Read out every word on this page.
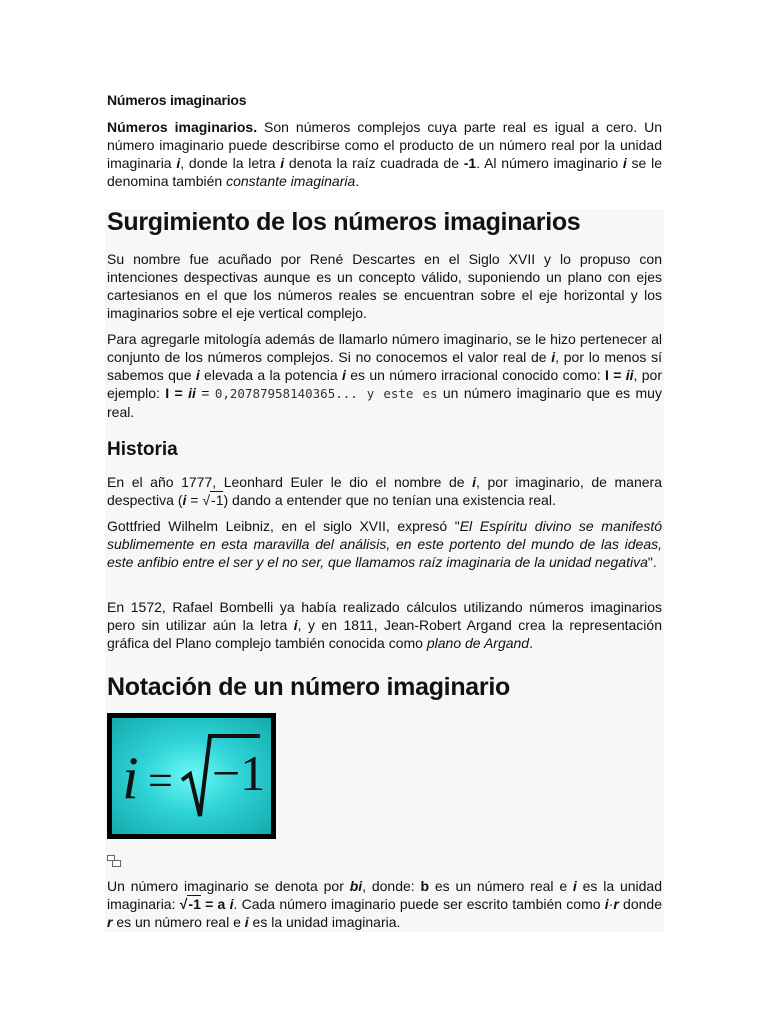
Números imaginarios
Números imaginarios. Son números complejos cuya parte real es igual a cero. Un número imaginario puede describirse como el producto de un número real por la unidad imaginaria i, donde la letra i denota la raíz cuadrada de -1. Al número imaginario i se le denomina también constante imaginaria.
Surgimiento de los números imaginarios
Su nombre fue acuñado por René Descartes en el Siglo XVII y lo propuso con intenciones despectivas aunque es un concepto válido, suponiendo un plano con ejes cartesianos en el que los números reales se encuentran sobre el eje horizontal y los imaginarios sobre el eje vertical complejo.
Para agregarle mitología además de llamarlo número imaginario, se le hizo pertenecer al conjunto de los números complejos. Si no conocemos el valor real de i, por lo menos sí sabemos que i elevada a la potencia i es un número irracional conocido como: I = ii, por ejemplo: I = ii = 0,20787958140365... y este es un número imaginario que es muy real.
Historia
En el año 1777, Leonhard Euler le dio el nombre de i, por imaginario, de manera despectiva (i = √-1) dando a entender que no tenían una existencia real.
Gottfried Wilhelm Leibniz, en el siglo XVII, expresó "El Espíritu divino se manifestó sublimemente en esta maravilla del análisis, en este portento del mundo de las ideas, este anfibio entre el ser y el no ser, que llamamos raíz imaginaria de la unidad negativa".
En 1572, Rafael Bombelli ya había realizado cálculos utilizando números imaginarios pero sin utilizar aún la letra i, y en 1811, Jean-Robert Argand crea la representación gráfica del Plano complejo también conocida como plano de Argand.
Notación de un número imaginario
i = −1
Un número imaginario se denota por bi, donde: b es un número real e i es la unidad imaginaria: √-1 = a i. Cada número imaginario puede ser escrito también como i·r donde r es un número real e i es la unidad imaginaria.
